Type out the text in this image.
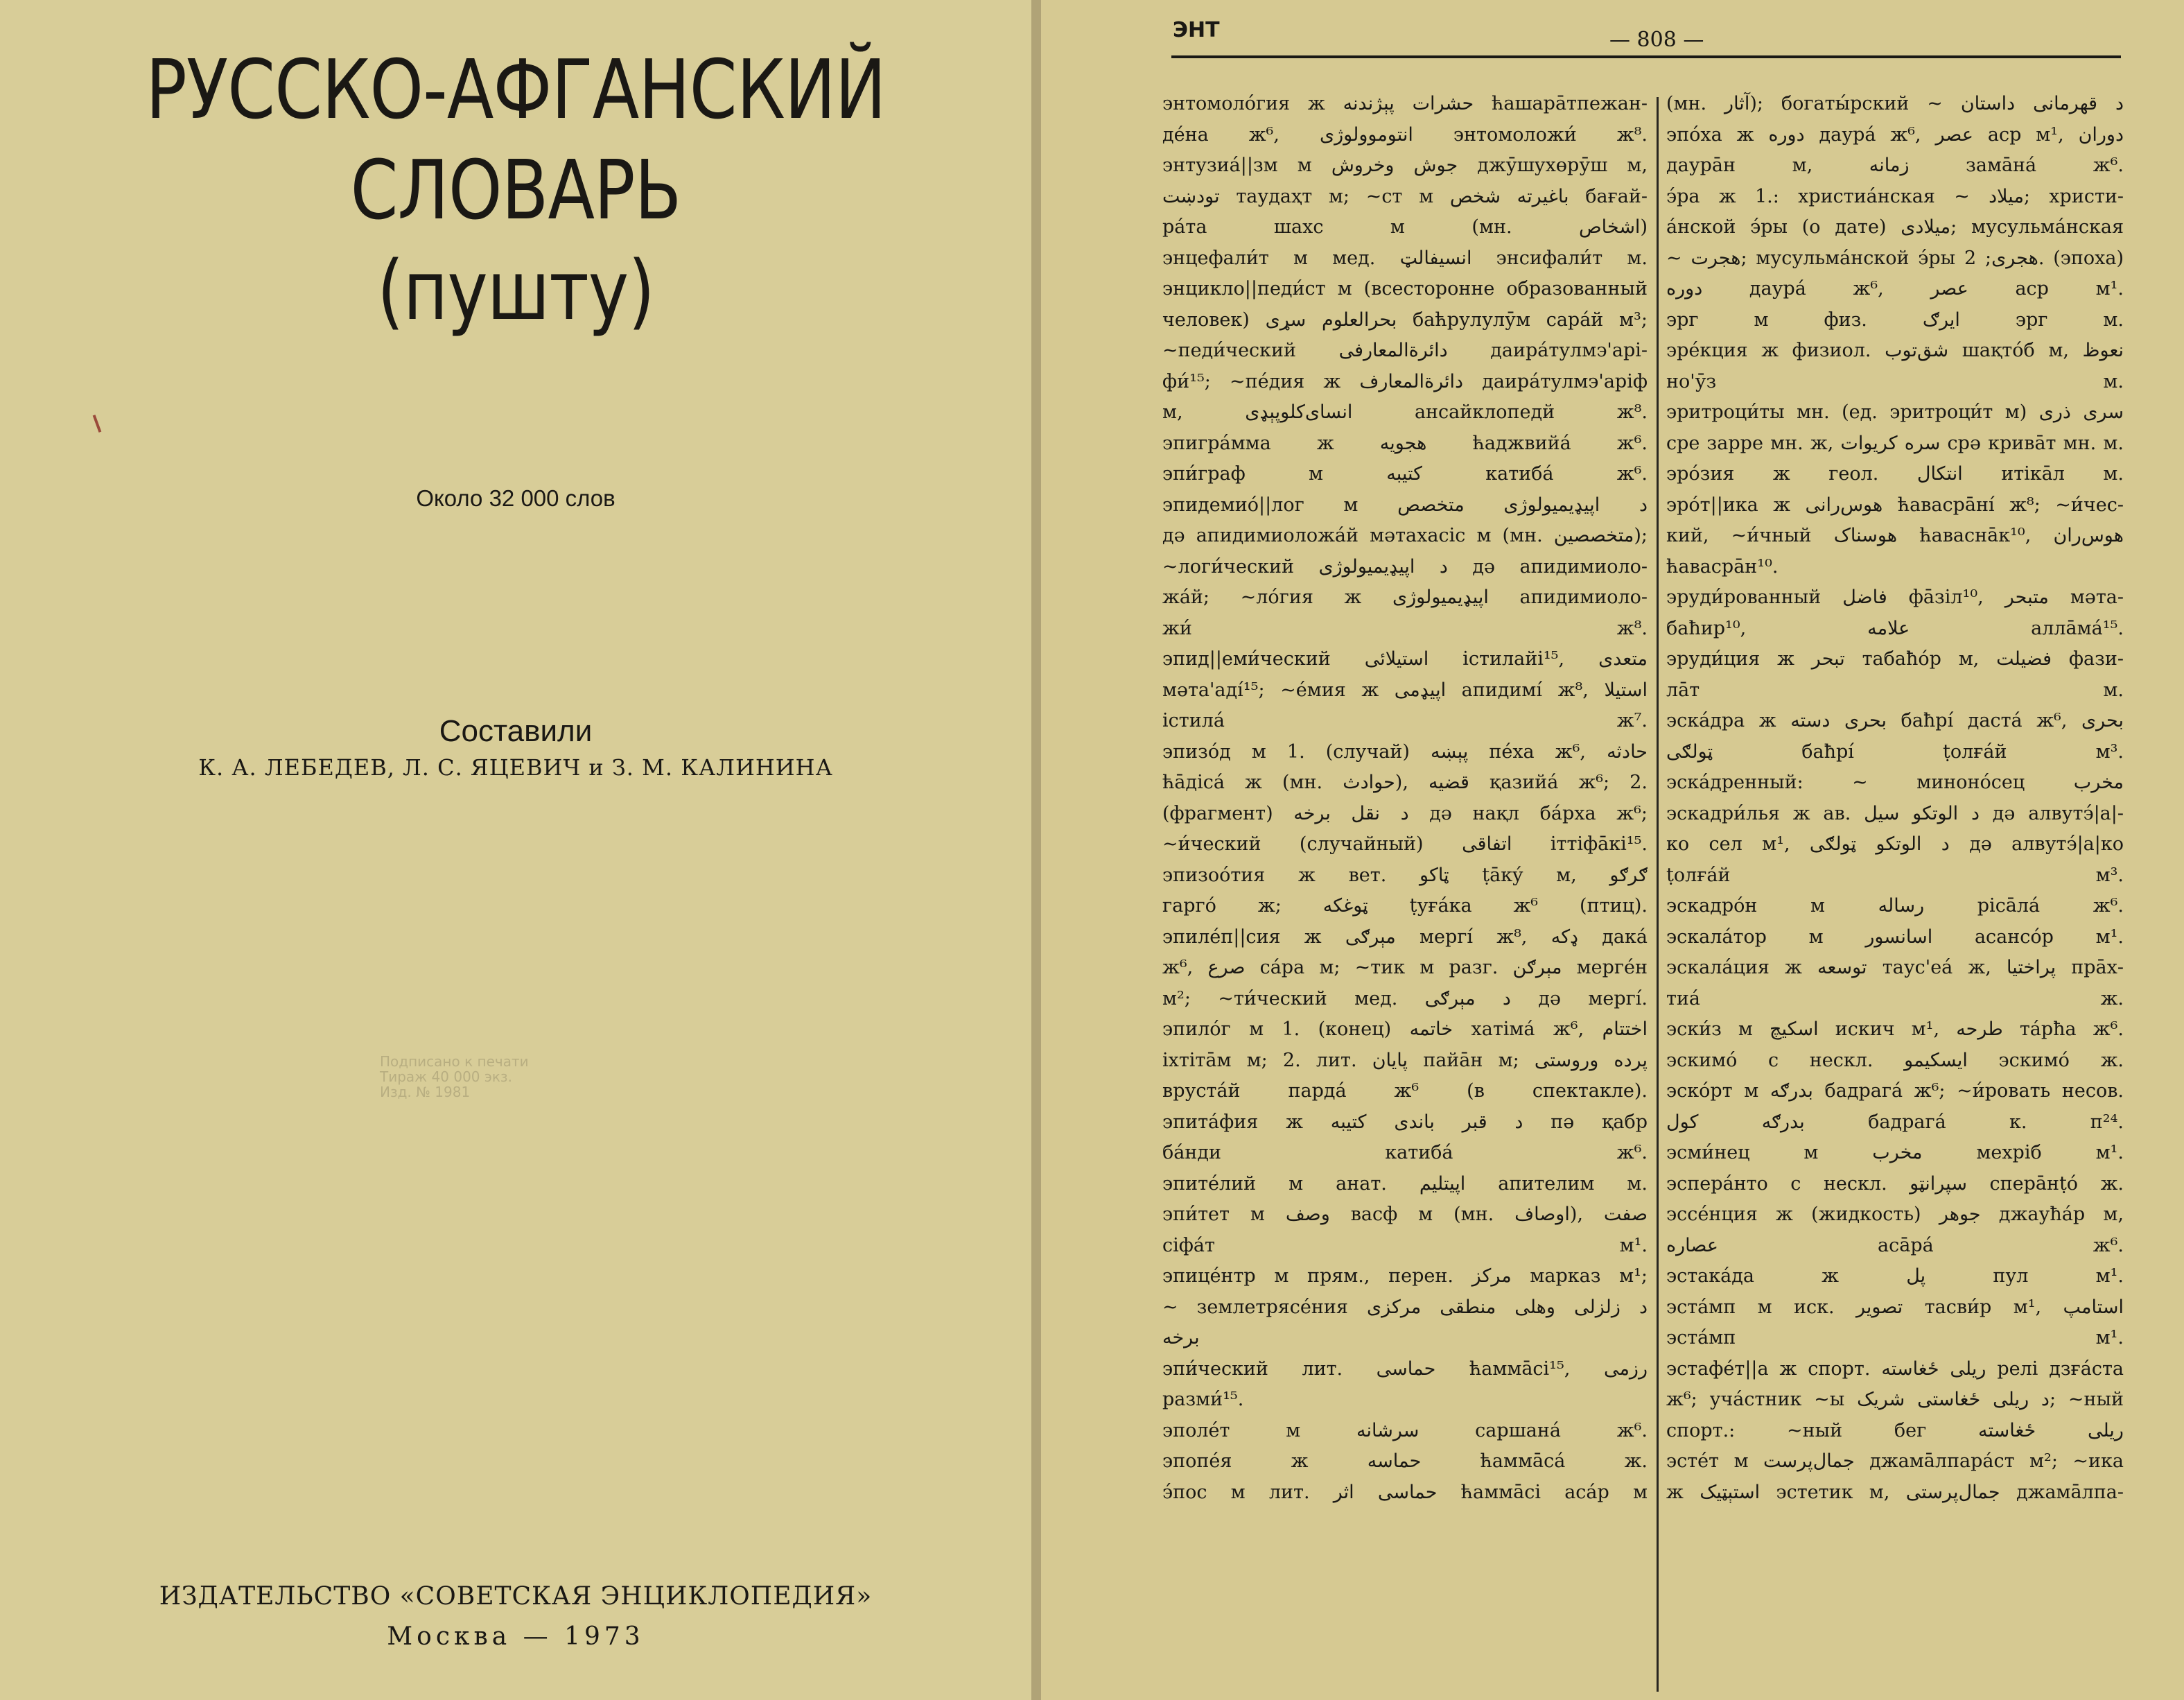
РУССКО-АФГАНСКИЙ
СЛОВАРЬ
(пушту)
Около 32 000 слов
Составили
К. А. ЛЕБЕДЕВ, Л. С. ЯЦЕВИЧ и З. М. КАЛИНИНА
Подписано к печати
Тираж 40 000 экз.
Изд. № 1981
ИЗДАТЕЛЬСТВО «СОВЕТСКАЯ ЭНЦИКЛОПЕДИЯ»
Москва — 1973
ЭНТ	— 808 —
энтомоло́гия ж حشرات پېژندنه ћашара̄тпежан-
дéна ж⁶, انتوموولوژی энтомоложи́ ж⁸.
энтузиа́||зм м جوش وخروش джӯшухөрӯш м,
تودښت таудаҳт м; ~ст м باغیرته شخص бағай-
ра́та шахс м (мн. اشخاص)
энцефали́т м мед. انسیفالټ энсифали́т м.
энцикло||педи́ст м (всесторонне образованный
человек) بحرالعلوم سړی баћрулулӯм сарáй м³;
~педи́ческий دائرة‌المعارفی даирáтулмэ'арі-
фи́¹⁵; ~пе́дия ж دائرة‌المعارف даирáтулмэ'аріф
м, انسای‌کلوپېډی ансайклопедй ж⁸.
эпигра́мма ж هجویه ћаджвийá ж⁶.
эпи́граф м کتیبه катибá ж⁶.
эпидемио́||лог м د اپیډیمیولوژی متخصص
дә апидимиоложáй мәтахасіс м (мн. متخصصین);
~логи́ческий د اپیډیمیولوژی дә апидимиоло-
жáй; ~ло́гия ж اپیډیمیولوژی апидимиоло-
жи́ ж⁸.
эпид||еми́ческий استیلائی істилайі¹⁵, متعدی
мәта'адí¹⁵; ~е́мия ж اپیډمی апидимí ж⁸, استیلا
істилá ж⁷.
эпизо́д м 1. (случай) پېښه пéха ж⁶, حادثه
ћа̄дісá ж (мн. حوادث), قضیه қазийá ж⁶; 2.
(фрагмент) د نقل برخه дә нақл бáрха ж⁶;
~и́ческий (случайный) اتفاقی іттіфа̄кі¹⁵.
эпизоо́тия ж вет. ټاکو ṭа̄кý м, ګرګو
гаргó ж; ټوغکه ṭуға́ка ж⁶ (птиц).
эпиле́п||сия ж مېرګی мергí ж⁸, ډکه дакá
ж⁶, صرع сáра м; ~тик м разг. مېرګن мергéн
м²; ~ти́ческий мед. د مېرګی дә мергí.
эпило́г м 1. (конец) خاتمه хатімá ж⁶, اختتام
іхтіта̄м м; 2. лит. پایان пайа̄н м; پرده وروستی
врустáй пардá ж⁶ (в спектакле).
эпита́фия ж د قبر باندی کتیبه пә қабр
бáнди катибá ж⁶.
эпите́лий м анат. اپیتلیم апителим м.
эпи́тет м وصف васф м (мн. اوصاف), صفت
сіфáт м¹.
эпице́нтр м прям., перен. مرکز марказ м¹;
~ землетрясе́ния د زلزلی وهلی منطقی مرکزی
برخه
эпи́ческий лит. حماسی ћаммāсі¹⁵, رزمی
разми́¹⁵.
эполе́т м سرشانه саршанá ж⁶.
эпопе́я ж حماسه ћаммāсá ж.
э́пос м лит. حماسی اثر ћаммāсі асáр м
(мн. آثار); богаты́рский ~ د قهرمانی داستان
эпо́ха ж دوره даурá ж⁶, عصر аср м¹, دوران
даура̄н м, زمانه замāнá ж⁶.
э́ра ж 1.: христиа́нская ~ میلاد; христи-
а́нской э́ры (о дате) میلادی; мусульма́нская
~ هجرت; мусульма́нской э́ры هجری; 2. (эпоха)
دوره даурá ж⁶, عصر аср м¹.
эрг м физ. ایرګ эрг м.
эре́кция ж физиол. شق‌توب шақтóб м, نعوظ
но'ӯз м.
эритроци́ты мн. (ед. эритроци́т м) سری ذری
сре зарре мн. ж, سره کریوات срә крива̄т мн. м.
эро́зия ж геол. انتکال итіка̄л м.
эро́т||ика ж هوس‌رانی ћавасрāнí ж⁸; ~и́чес-
кий, ~и́чный هوسناک ћаваснāк¹⁰, هوس‌ران
ћавасра̄н¹⁰.
эруди́рованный فاضل фа̄зіл¹⁰, متبحر мәта-
баħир¹⁰, علامه аллāмá¹⁵.
эруди́ция ж تبحر табаħóр м, فضیلت фази-
ла̄т м.
эска́дра ж بحری دسته баħрí дастá ж⁶, بحری
ټولګی баħрí ṭолға́й м³.
эска́дренный: ~ миноно́сец مخرب
эскадри́лья ж ав. د الوتکو سیل дә алвутэ́|а|-
ко сел м¹, د الوتکو ټولګی дә алвутэ́|а|ко
ṭолға́й м³.
эскадро́н м رساله рісāлá ж⁶.
эскала́тор м اسانسور асансóр м¹.
эскала́ция ж توسعه таус'еа́ ж, پراختیا пра̄х-
тиа́ ж.
эски́з м اسکیچ искич м¹, طرحه та́рħа ж⁶.
эскимо́ с нескл. ایسکیمو эскимó ж.
эско́рт м بدرګه бадрагá ж⁶; ~и́ровать несов.
بدرګه کول бадрагá к. п²⁴.
эсми́нец м مخرب мехріб м¹.
эспера́нто с нескл. سپرانټو сперāнṭó ж.
эссе́нция ж (жидкость) جوهر джауħáр м,
عصاره асāрá ж⁶.
эстака́да ж پل пул м¹.
эста́мп м иск. تصویر тасви́р м¹, استامپ
эстáмп м¹.
эстафе́т||а ж спорт. ریلی ځغاسته релі дзға́ста
ж⁶; уча́стник ~ы د ریلی ځغاستی شریک; ~ный
спорт.: ~ный бег ریلی ځغاسته
эсте́т м جمال‌پرست джамāлпарáст м²; ~ика
ж استېټیک эстетик м, جمال‌پرستی джамāлпа-
